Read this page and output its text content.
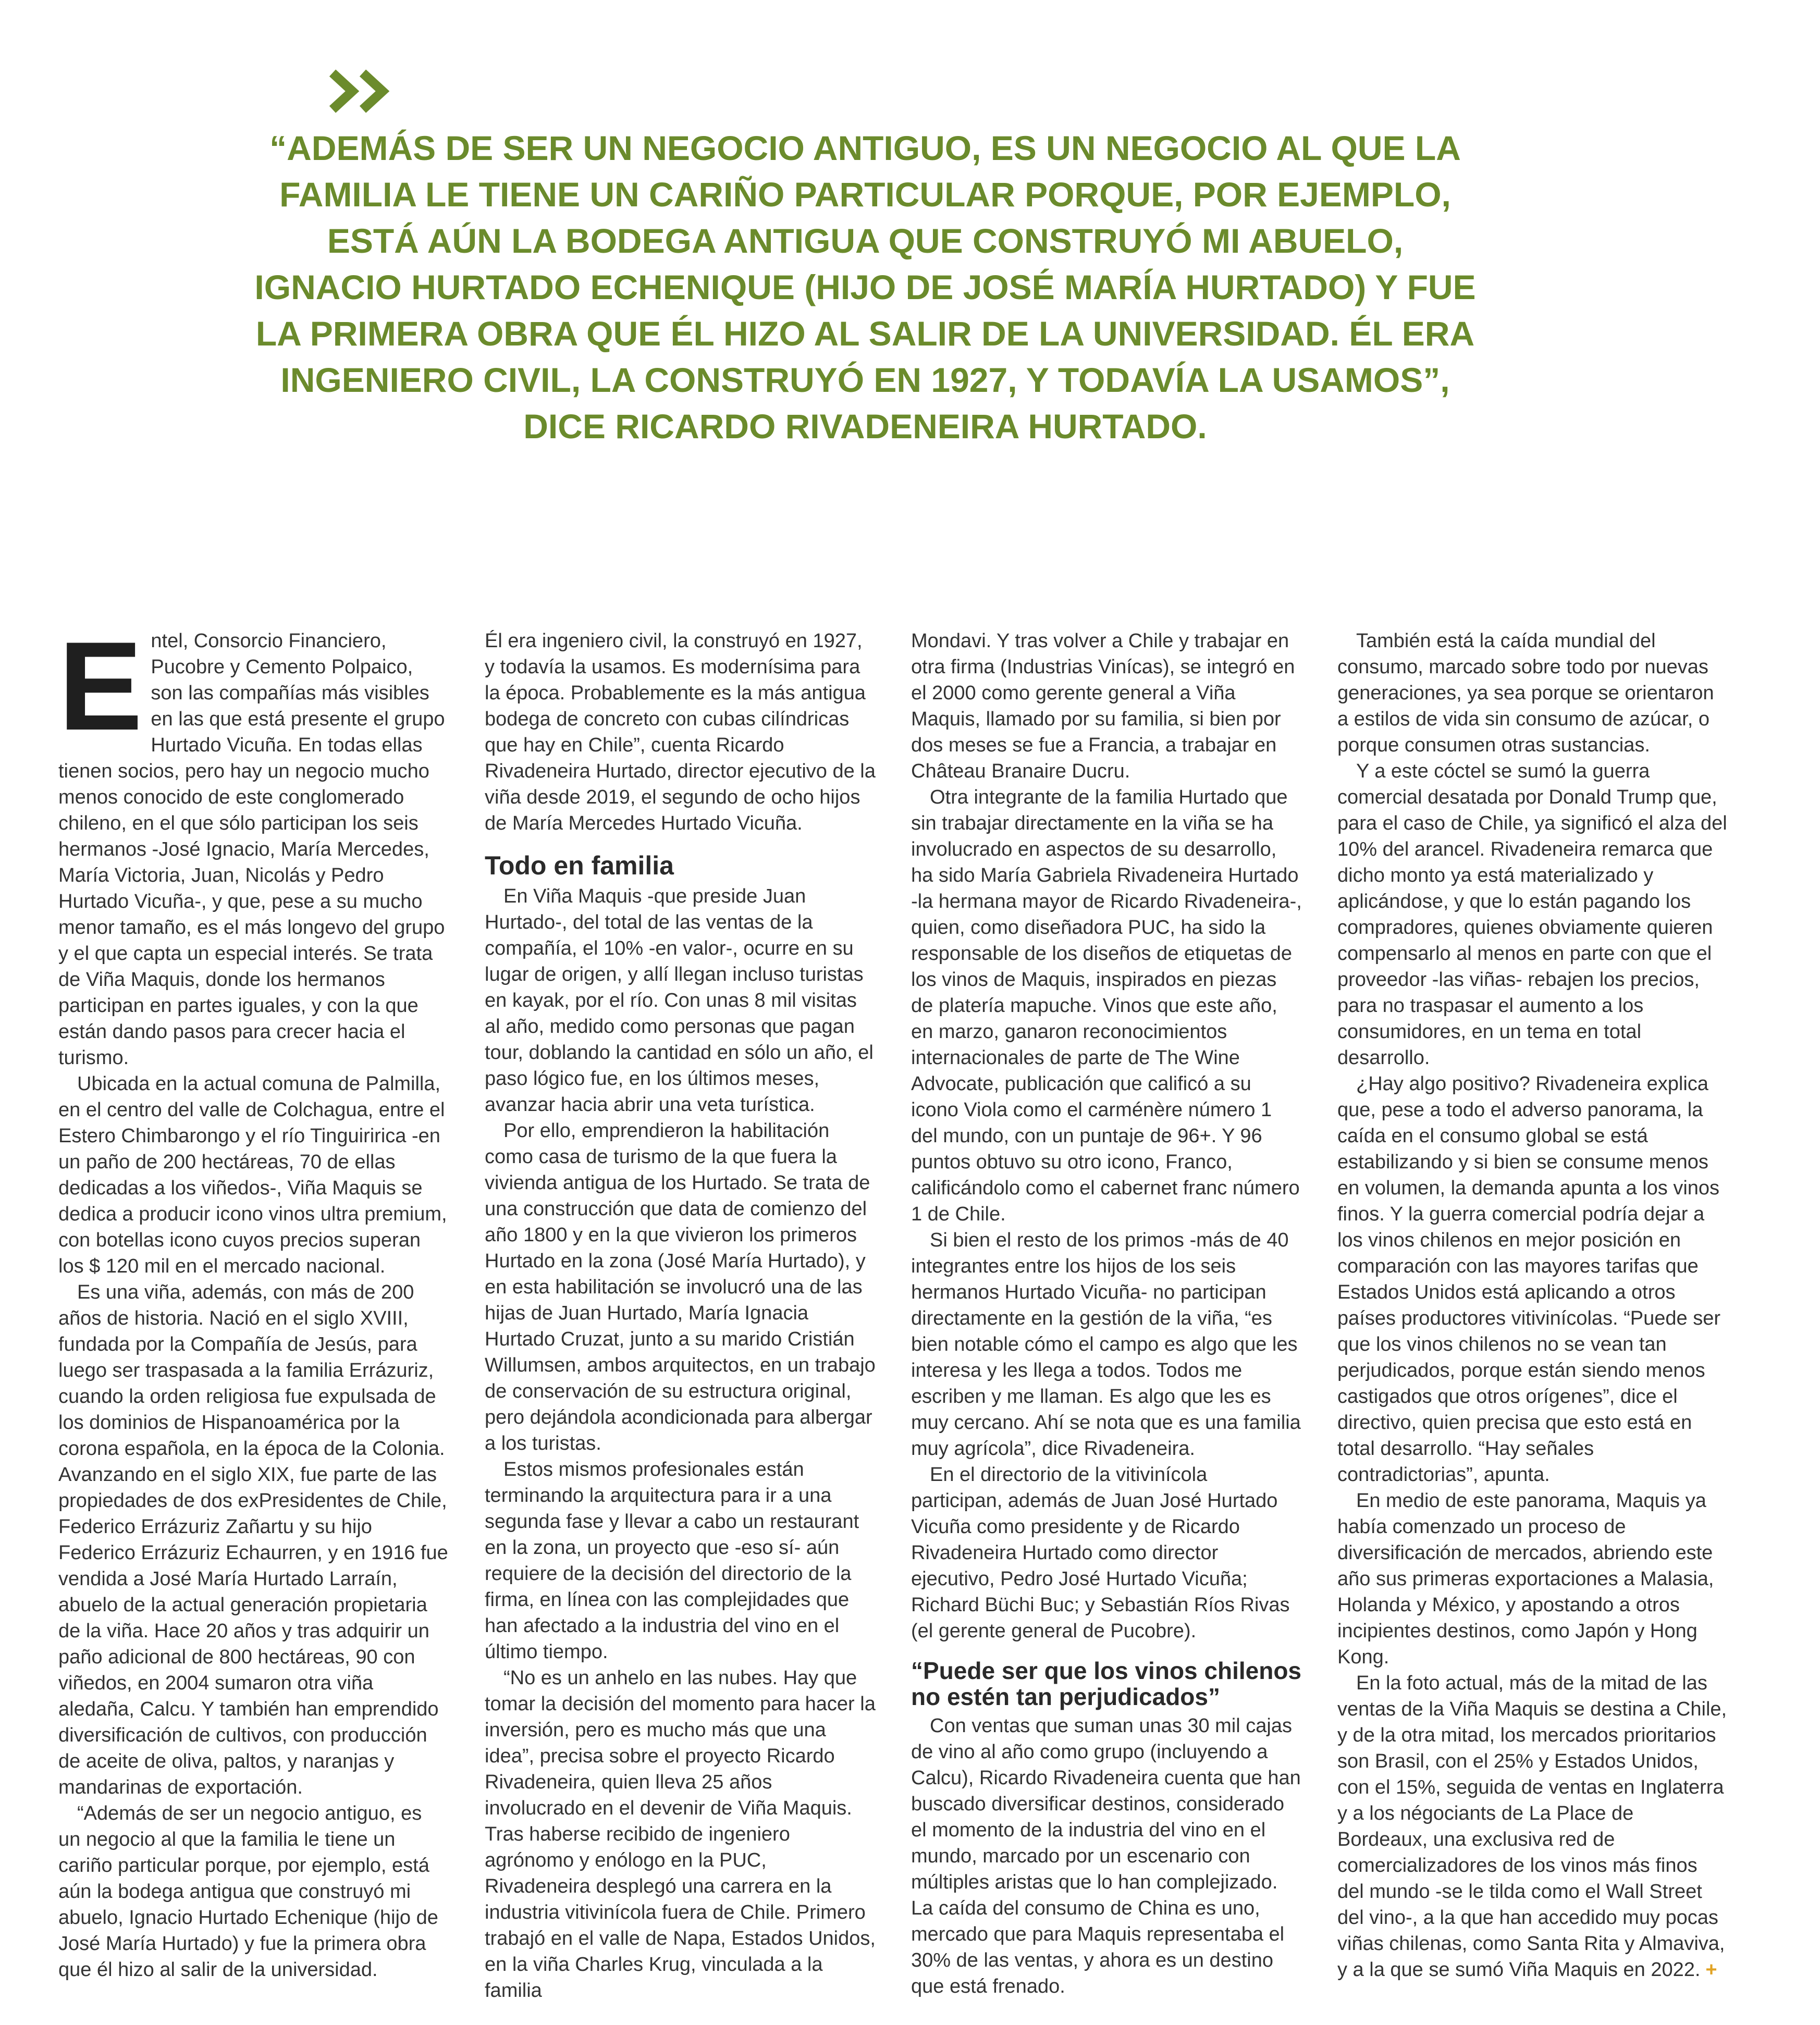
“ADEMÁS DE SER UN NEGOCIO ANTIGUO, ES UN NEGOCIO AL QUE LA FAMILIA LE TIENE UN CARIÑO PARTICULAR PORQUE, POR EJEMPLO, ESTÁ AÚN LA BODEGA ANTIGUA QUE CONSTRUYÓ MI ABUELO, IGNACIO HURTADO ECHENIQUE (HIJO DE JOSÉ MARÍA HURTADO) Y FUE LA PRIMERA OBRA QUE ÉL HIZO AL SALIR DE LA UNIVERSIDAD. ÉL ERA INGENIERO CIVIL, LA CONSTRUYÓ EN 1927, Y TODAVÍA LA USAMOS”, DICE RICARDO RIVADENEIRA HURTADO.

E ntel, Consorcio Financiero, Pucobre y Cemento Polpaico, son las compañías más visibles en las que está presente el grupo Hurtado Vicuña. En todas ellas tienen socios, pero hay un negocio mucho menos conocido de este conglomerado chileno, en el que sólo participan los seis hermanos -José Ignacio, María Mercedes, María Victoria, Juan, Nicolás y Pedro Hurtado Vicuña-, y que, pese a su mucho menor tamaño, es el más longevo del grupo y el que capta un especial interés. Se trata de Viña Maquis, donde los hermanos participan en partes iguales, y con la que están dando pasos para crecer hacia el turismo.

Ubicada en la actual comuna de Palmilla, en el centro del valle de Colchagua, entre el Estero Chimbarongo y el río Tinguiririca -en un paño de 200 hectáreas, 70 de ellas dedicadas a los viñedos-, Viña Maquis se dedica a producir icono vinos ultra premium, con botellas icono cuyos precios superan los $ 120 mil en el mercado nacional.

Es una viña, además, con más de 200 años de historia. Nació en el siglo XVIII, fundada por la Compañía de Jesús, para luego ser traspasada a la familia Errázuriz, cuando la orden religiosa fue expulsada de los dominios de Hispanoamérica por la corona española, en la época de la Colonia. Avanzando en el siglo XIX, fue parte de las propiedades de dos exPresidentes de Chile, Federico Errázuriz Zañartu y su hijo Federico Errázuriz Echaurren, y en 1916 fue vendida a José María Hurtado Larraín, abuelo de la actual generación propietaria de la viña. Hace 20 años y tras adquirir un paño adicional de 800 hectáreas, 90 con viñedos, en 2004 sumaron otra viña aledaña, Calcu. Y también han emprendido diversificación de cultivos, con producción de aceite de oliva, paltos, y naranjas y mandarinas de exportación.

“Además de ser un negocio antiguo, es un negocio al que la familia le tiene un cariño particular porque, por ejemplo, está aún la bodega antigua que construyó mi abuelo, Ignacio Hurtado Echenique (hijo de José María Hurtado) y fue la primera obra que él hizo al salir de la universidad.

Él era ingeniero civil, la construyó en 1927, y todavía la usamos. Es modernísima para la época. Probablemente es la más antigua bodega de concreto con cubas cilíndricas que hay en Chile”, cuenta Ricardo Rivadeneira Hurtado, director ejecutivo de la viña desde 2019, el segundo de ocho hijos de María Mercedes Hurtado Vicuña.

Todo en familia

En Viña Maquis -que preside Juan Hurtado-, del total de las ventas de la compañía, el 10% -en valor-, ocurre en su lugar de origen, y allí llegan incluso turistas en kayak, por el río. Con unas 8 mil visitas al año, medido como personas que pagan tour, doblando la cantidad en sólo un año, el paso lógico fue, en los últimos meses, avanzar hacia abrir una veta turística.

Por ello, emprendieron la habilitación como casa de turismo de la que fuera la vivienda antigua de los Hurtado. Se trata de una construcción que data de comienzo del año 1800 y en la que vivieron los primeros Hurtado en la zona (José María Hurtado), y en esta habilitación se involucró una de las hijas de Juan Hurtado, María Ignacia Hurtado Cruzat, junto a su marido Cristián Willumsen, ambos arquitectos, en un trabajo de conservación de su estructura original, pero dejándola acondicionada para albergar a los turistas.

Estos mismos profesionales están terminando la arquitectura para ir a una segunda fase y llevar a cabo un restaurant en la zona, un proyecto que -eso sí- aún requiere de la decisión del directorio de la firma, en línea con las complejidades que han afectado a la industria del vino en el último tiempo.

“No es un anhelo en las nubes. Hay que tomar la decisión del momento para hacer la inversión, pero es mucho más que una idea”, precisa sobre el proyecto Ricardo Rivadeneira, quien lleva 25 años involucrado en el devenir de Viña Maquis. Tras haberse recibido de ingeniero agrónomo y enólogo en la PUC, Rivadeneira desplegó una carrera en la industria vitivinícola fuera de Chile. Primero trabajó en el valle de Napa, Estados Unidos, en la viña Charles Krug, vinculada a la familia

Mondavi. Y tras volver a Chile y trabajar en otra firma (Industrias Vinícas), se integró en el 2000 como gerente general a Viña Maquis, llamado por su familia, si bien por dos meses se fue a Francia, a trabajar en Château Branaire Ducru.

Otra integrante de la familia Hurtado que sin trabajar directamente en la viña se ha involucrado en aspectos de su desarrollo, ha sido María Gabriela Rivadeneira Hurtado -la hermana mayor de Ricardo Rivadeneira-, quien, como diseñadora PUC, ha sido la responsable de los diseños de etiquetas de los vinos de Maquis, inspirados en piezas de platería mapuche. Vinos que este año, en marzo, ganaron reconocimientos internacionales de parte de The Wine Advocate, publicación que calificó a su icono Viola como el carménère número 1 del mundo, con un puntaje de 96+. Y 96 puntos obtuvo su otro icono, Franco, calificándolo como el cabernet franc número 1 de Chile.

Si bien el resto de los primos -más de 40 integrantes entre los hijos de los seis hermanos Hurtado Vicuña- no participan directamente en la gestión de la viña, “es bien notable cómo el campo es algo que les interesa y les llega a todos. Todos me escriben y me llaman. Es algo que les es muy cercano. Ahí se nota que es una familia muy agrícola”, dice Rivadeneira.

En el directorio de la vitivinícola participan, además de Juan José Hurtado Vicuña como presidente y de Ricardo Rivadeneira Hurtado como director ejecutivo, Pedro José Hurtado Vicuña; Richard Büchi Buc; y Sebastián Ríos Rivas (el gerente general de Pucobre).

“Puede ser que los vinos chilenos no estén tan perjudicados”

Con ventas que suman unas 30 mil cajas de vino al año como grupo (incluyendo a Calcu), Ricardo Rivadeneira cuenta que han buscado diversificar destinos, considerado el momento de la industria del vino en el mundo, marcado por un escenario con múltiples aristas que lo han complejizado. La caída del consumo de China es uno, mercado que para Maquis representaba el 30% de las ventas, y ahora es un destino que está frenado.

También está la caída mundial del consumo, marcado sobre todo por nuevas generaciones, ya sea porque se orientaron a estilos de vida sin consumo de azúcar, o porque consumen otras sustancias.

Y a este cóctel se sumó la guerra comercial desatada por Donald Trump que, para el caso de Chile, ya significó el alza del 10% del arancel. Rivadeneira remarca que dicho monto ya está materializado y aplicándose, y que lo están pagando los compradores, quienes obviamente quieren compensarlo al menos en parte con que el proveedor -las viñas- rebajen los precios, para no traspasar el aumento a los consumidores, en un tema en total desarrollo.

¿Hay algo positivo? Rivadeneira explica que, pese a todo el adverso panorama, la caída en el consumo global se está estabilizando y si bien se consume menos en volumen, la demanda apunta a los vinos finos. Y la guerra comercial podría dejar a los vinos chilenos en mejor posición en comparación con las mayores tarifas que Estados Unidos está aplicando a otros países productores vitivinícolas. “Puede ser que los vinos chilenos no se vean tan perjudicados, porque están siendo menos castigados que otros orígenes”, dice el directivo, quien precisa que esto está en total desarrollo. “Hay señales contradictorias”, apunta.

En medio de este panorama, Maquis ya había comenzado un proceso de diversificación de mercados, abriendo este año sus primeras exportaciones a Malasia, Holanda y México, y apostando a otros incipientes destinos, como Japón y Hong Kong.

En la foto actual, más de la mitad de las ventas de la Viña Maquis se destina a Chile, y de la otra mitad, los mercados prioritarios son Brasil, con el 25% y Estados Unidos, con el 15%, seguida de ventas en Inglaterra y a los négociants de La Place de Bordeaux, una exclusiva red de comercializadores de los vinos más finos del mundo -se le tilda como el Wall Street del vino-, a la que han accedido muy pocas viñas chilenas, como Santa Rita y Almaviva, y a la que se sumó Viña Maquis en 2022. +
